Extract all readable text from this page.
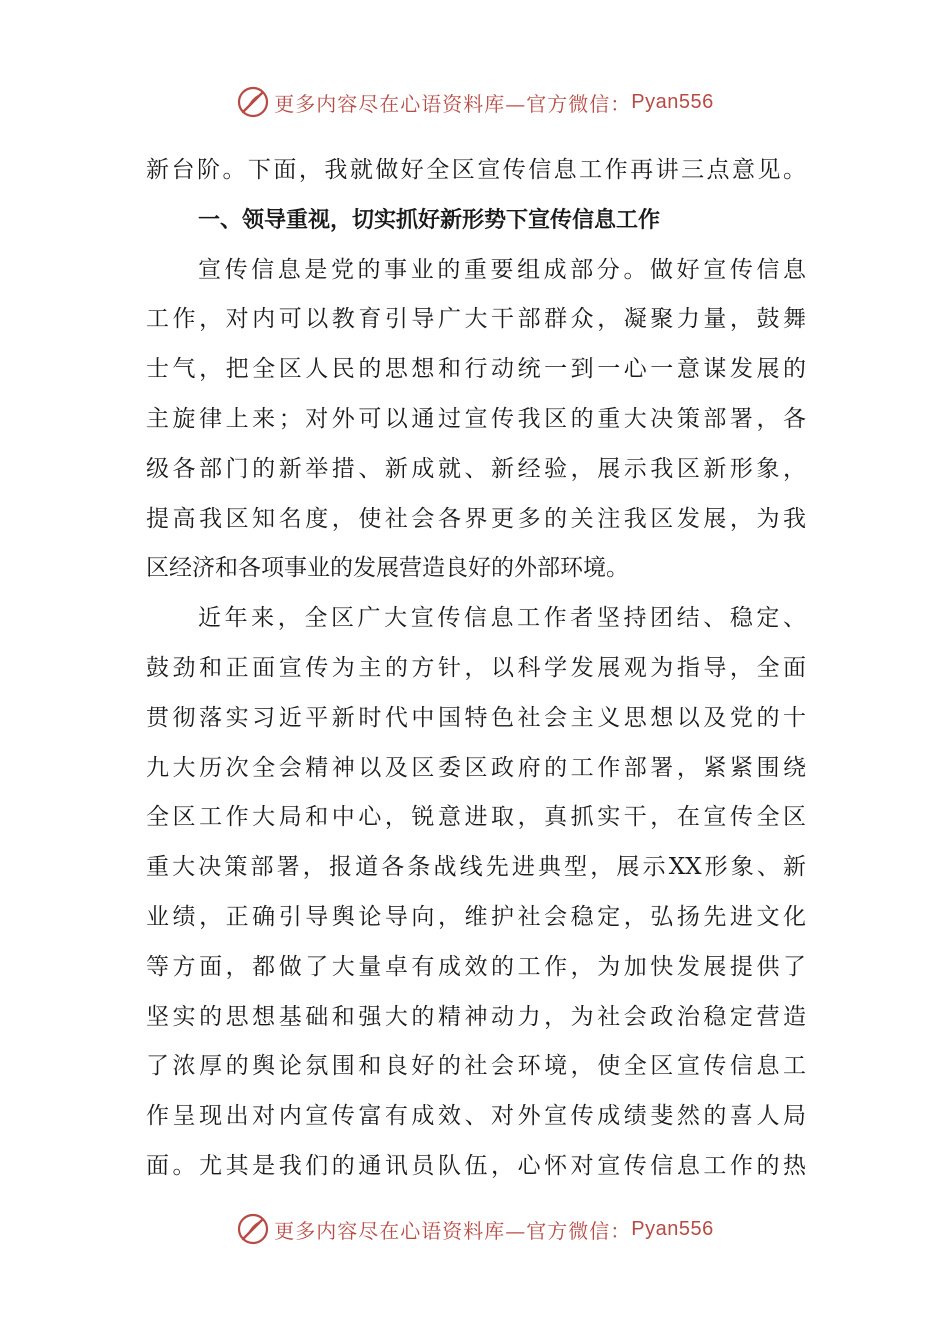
更多内容尽在心语资料库—官方微信： Pyan556
新台阶。下面，我就做好全区宣传信息工作再讲三点意见。
一、领导重视，切实抓好新形势下宣传信息工作
宣传信息是党的事业的重要组成部分。做好宣传信息
工作，对内可以教育引导广大干部群众，凝聚力量，鼓舞
士气，把全区人民的思想和行动统一到一心一意谋发展的
主旋律上来；对外可以通过宣传我区的重大决策部署，各
级各部门的新举措、新成就、新经验，展示我区新形象，
提高我区知名度，使社会各界更多的关注我区发展，为我
区经济和各项事业的发展营造良好的外部环境。
近年来，全区广大宣传信息工作者坚持团结、稳定、
鼓劲和正面宣传为主的方针，以科学发展观为指导，全面
贯彻落实习近平新时代中国特色社会主义思想以及党的十
九大历次全会精神以及区委区政府的工作部署，紧紧围绕
全区工作大局和中心，锐意进取，真抓实干，在宣传全区
重大决策部署，报道各条战线先进典型，展示XX形象、新
业绩，正确引导舆论导向，维护社会稳定，弘扬先进文化
等方面，都做了大量卓有成效的工作，为加快发展提供了
坚实的思想基础和强大的精神动力，为社会政治稳定营造
了浓厚的舆论氛围和良好的社会环境，使全区宣传信息工
作呈现出对内宣传富有成效、对外宣传成绩斐然的喜人局
面。尤其是我们的通讯员队伍，心怀对宣传信息工作的热
更多内容尽在心语资料库—官方微信： Pyan556
